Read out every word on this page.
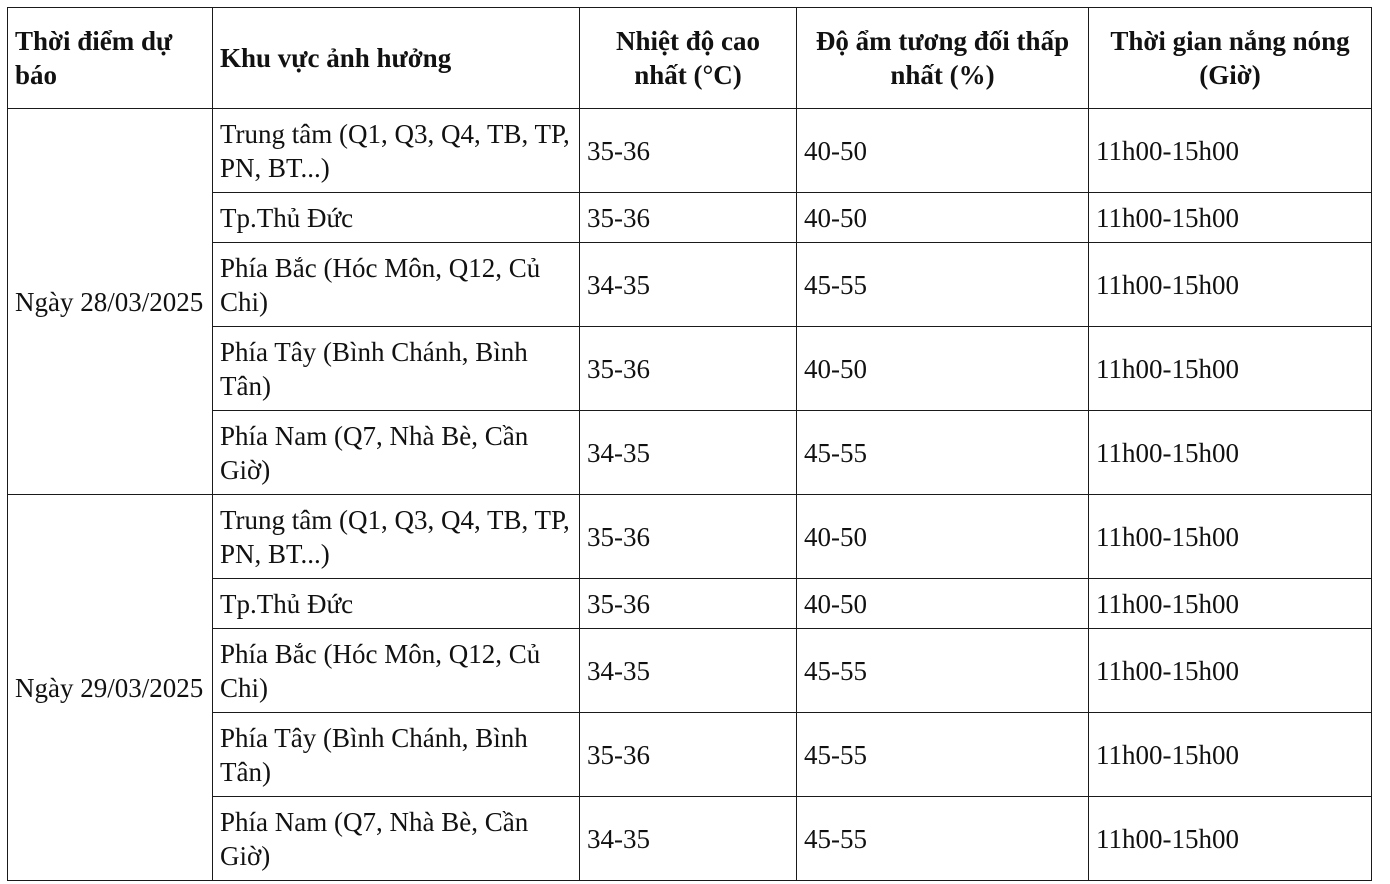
Thời điểm dự báo	Khu vực ảnh hưởng	Nhiệt độ cao nhất (°C)	Độ ẩm tương đối thấp nhất (%)	Thời gian nắng nóng (Giờ)
Ngày 28/03/2025	Trung tâm (Q1, Q3, Q4, TB, TP, PN, BT...)	35-36	40-50	11h00-15h00
	Tp.Thủ Đức	35-36	40-50	11h00-15h00
	Phía Bắc (Hóc Môn, Q12, Củ Chi)	34-35	45-55	11h00-15h00
	Phía Tây (Bình Chánh, Bình Tân)	35-36	40-50	11h00-15h00
	Phía Nam (Q7, Nhà Bè, Cần Giờ)	34-35	45-55	11h00-15h00
Ngày 29/03/2025	Trung tâm (Q1, Q3, Q4, TB, TP, PN, BT...)	35-36	40-50	11h00-15h00
	Tp.Thủ Đức	35-36	40-50	11h00-15h00
	Phía Bắc (Hóc Môn, Q12, Củ Chi)	34-35	45-55	11h00-15h00
	Phía Tây (Bình Chánh, Bình Tân)	35-36	45-55	11h00-15h00
	Phía Nam (Q7, Nhà Bè, Cần Giờ)	34-35	45-55	11h00-15h00
